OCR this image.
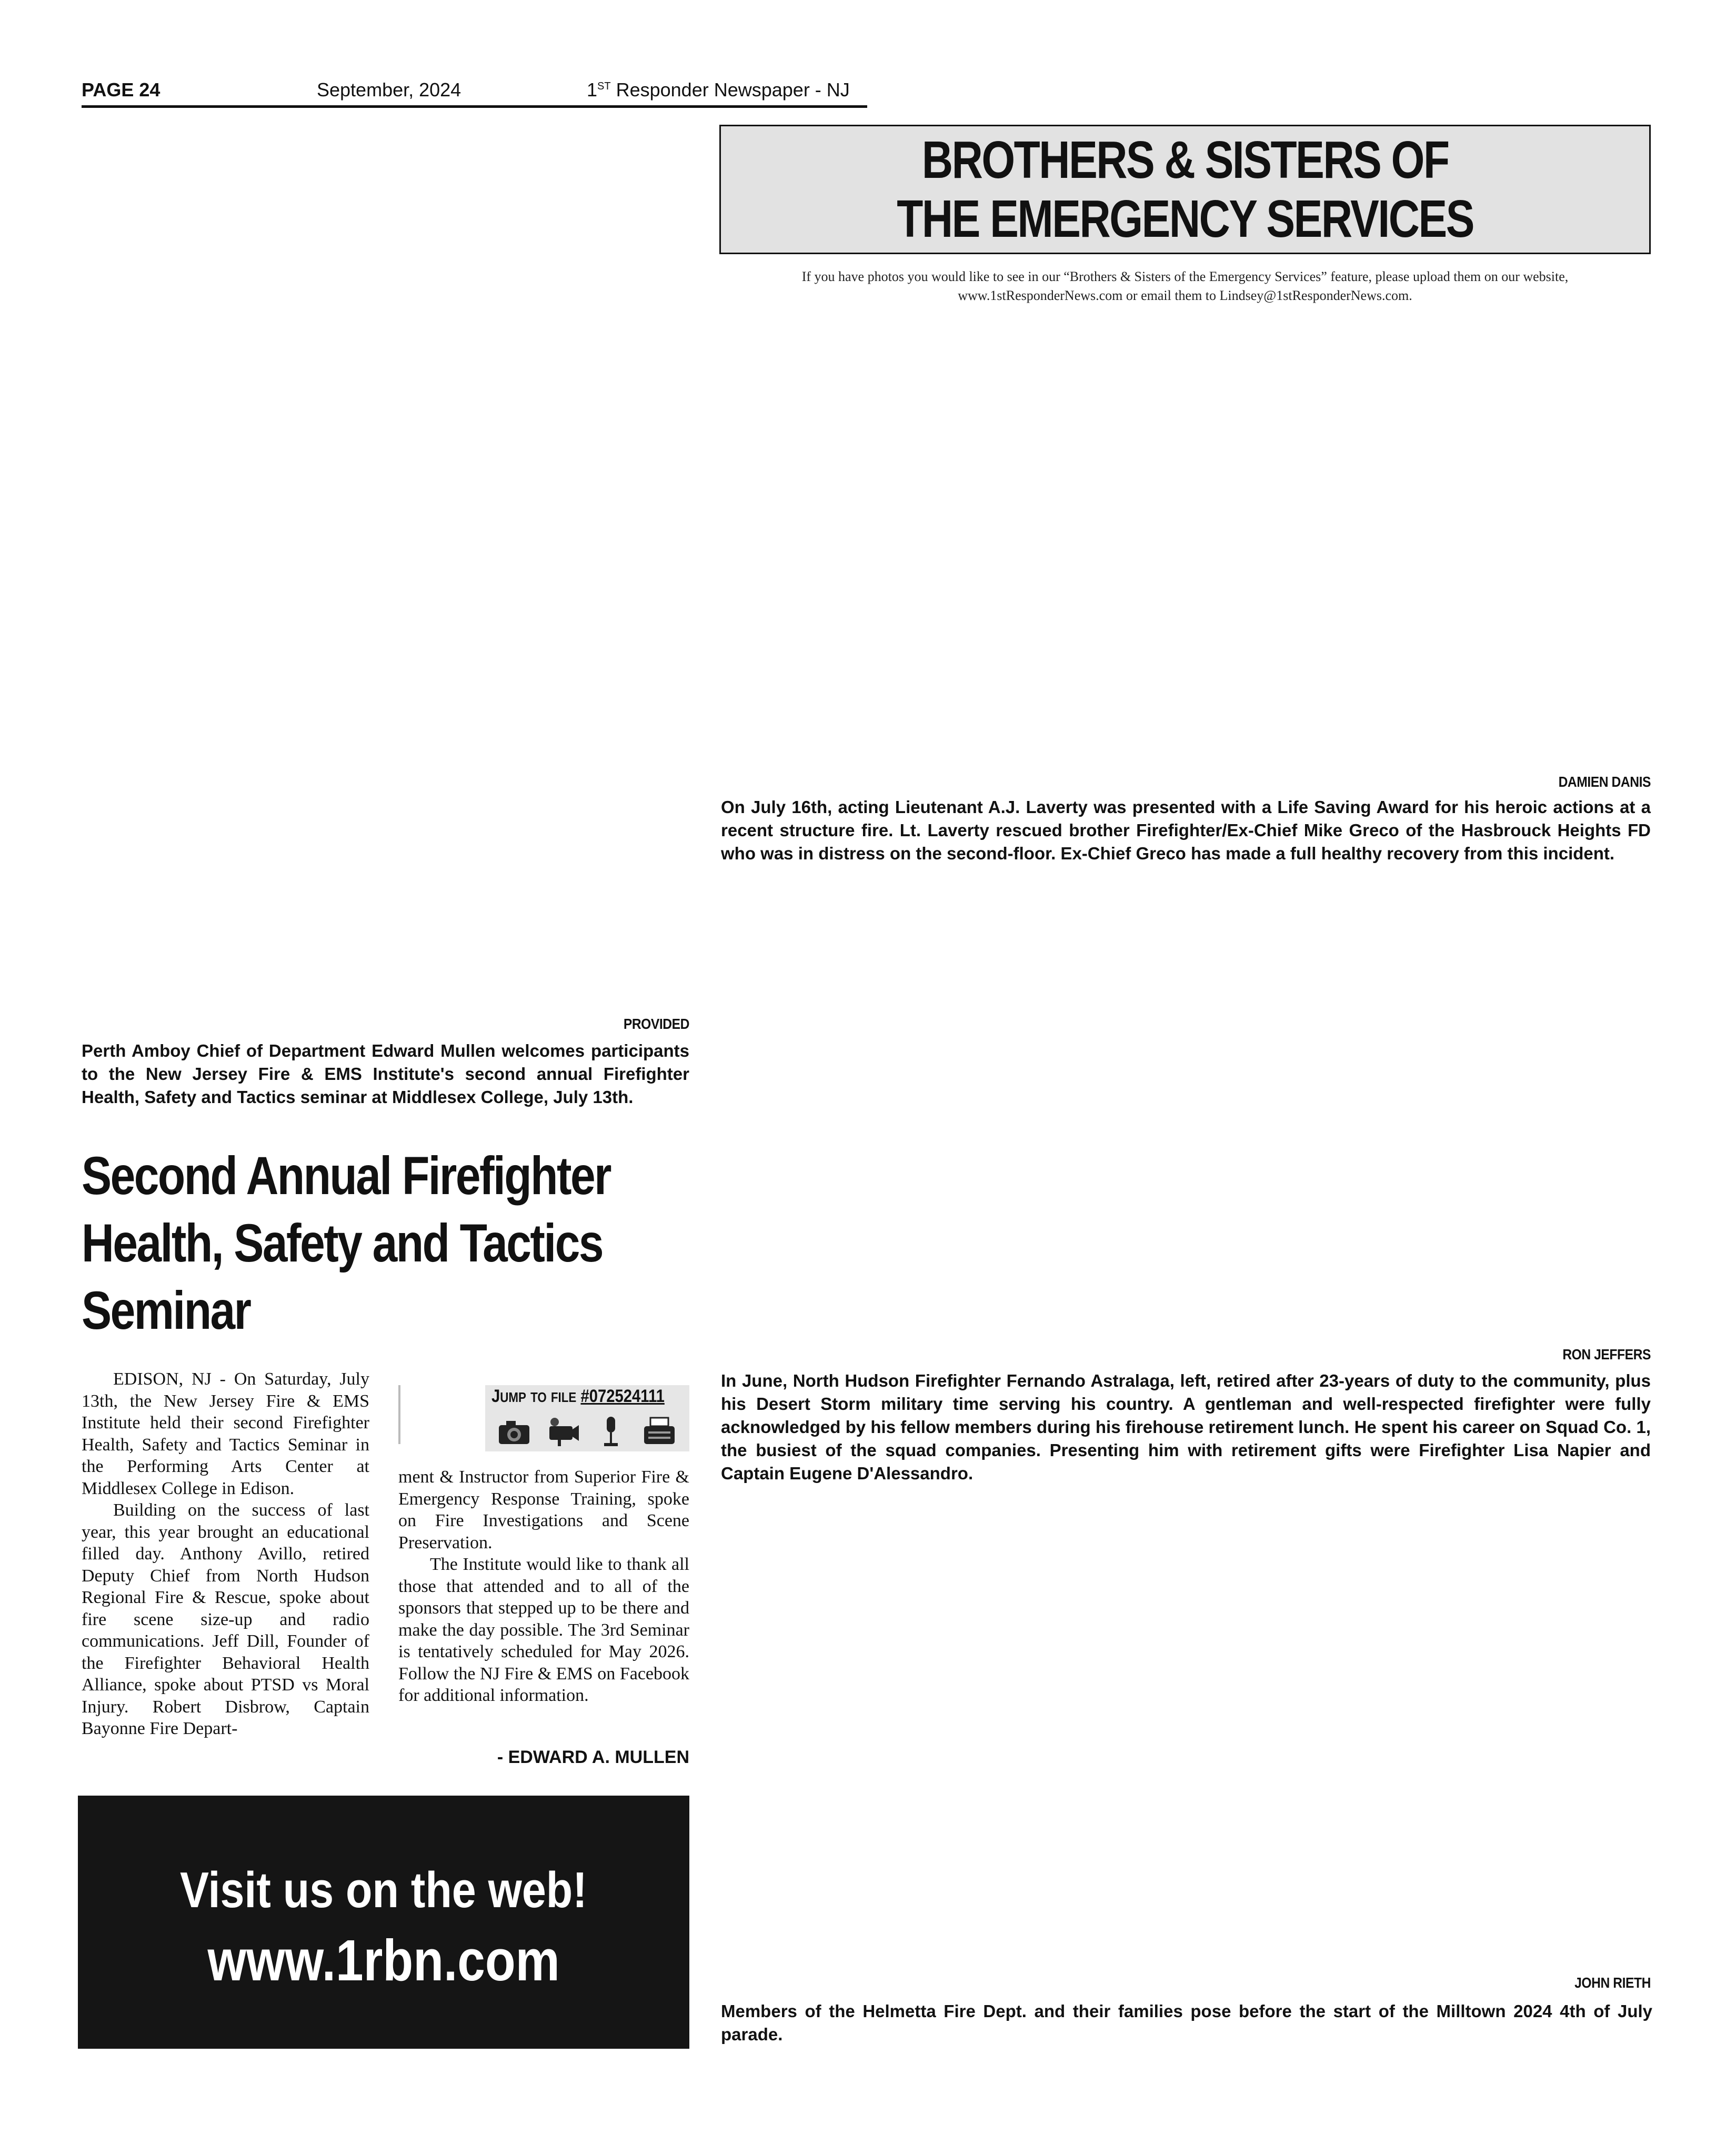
PAGE 24	September, 2024	1ST Responder Newspaper - NJ
BROTHERS & SISTERS OF
THE EMERGENCY SERVICES
If you have photos you would like to see in our “Brothers & Sisters of the Emergency Services” feature, please upload them on our website,
www.1stResponderNews.com or email them to Lindsey@1stResponderNews.com.
DAMIEN DANIS
On July 16th, acting Lieutenant A.J. Laverty was presented with a Life Saving Award for his heroic actions at a recent structure fire. Lt. Laverty rescued brother Firefighter/Ex-Chief Mike Greco of the Hasbrouck Heights FD who was in distress on the second-floor. Ex-Chief Greco has made a full healthy recovery from this incident.
PROVIDED
Perth Amboy Chief of Department Edward Mullen welcomes participants to the New Jersey Fire & EMS Institute's second annual Firefighter Health, Safety and Tactics seminar at Middlesex College, July 13th.
Second Annual Firefighter
Health, Safety and Tactics
Seminar

EDISON, NJ - On Saturday, July 13th, the New Jersey Fire & EMS Institute held their second Firefighter Health, Safety and Tactics Seminar in the Performing Arts Center at Middlesex College in Edison.

Building on the success of last year, this year brought an educational filled day. Anthony Avillo, retired Deputy Chief from North Hudson Regional Fire & Rescue, spoke about fire scene size-up and radio communications. Jeff Dill, Founder of the Firefighter Behavioral Health Alliance, spoke about PTSD vs Moral Injury. Robert Disbrow, Captain Bayonne Fire Depart-

JUMP TO FILE #072524111

ment & Instructor from Superior Fire & Emergency Response Training, spoke on Fire Investigations and Scene Preservation.

The Institute would like to thank all those that attended and to all of the sponsors that stepped up to be there and make the day possible. The 3rd Seminar is tentatively scheduled for May 2026. Follow the NJ Fire & EMS on Facebook for additional information.

- EDWARD A. MULLEN
Visit us on the web!
www.1rbn.com
RON JEFFERS
In June, North Hudson Firefighter Fernando Astralaga, left, retired after 23-years of duty to the community, plus his Desert Storm military time serving his country. A gentleman and well-respected firefighter were fully acknowledged by his fellow members during his firehouse retirement lunch. He spent his career on Squad Co. 1, the busiest of the squad companies. Presenting him with retirement gifts were Firefighter Lisa Napier and Captain Eugene D'Alessandro.
JOHN RIETH
Members of the Helmetta Fire Dept. and their families pose before the start of the Milltown 2024 4th of July parade.
